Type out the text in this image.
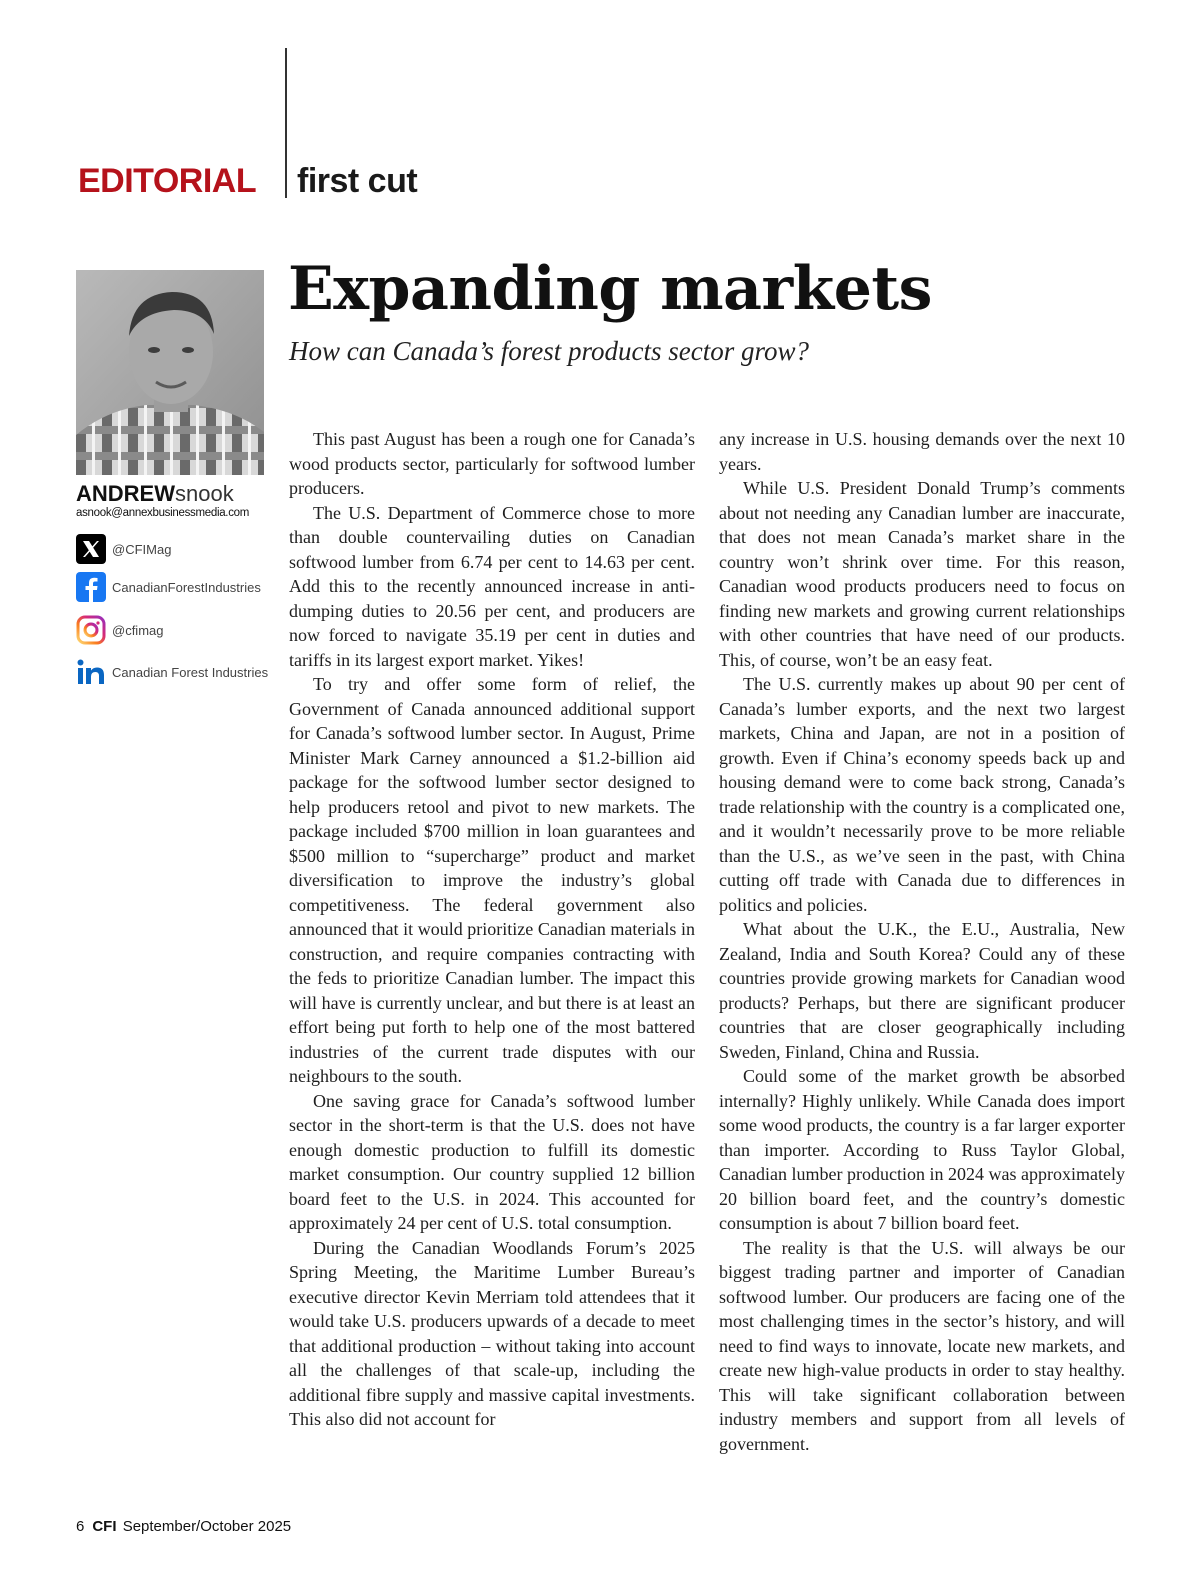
EDITORIAL first cut
ANDREWsnook
asnook@annexbusinessmedia.com
@CFIMag
CanadianForestIndustries
@cfimag
Canadian Forest Industries
Expanding markets
How can Canada’s forest products sector grow?

This past August has been a rough one for Canada’s wood products sector, particularly for softwood lumber producers.

The U.S. Department of Commerce chose to more than double countervailing duties on Canadian softwood lumber from 6.74 per cent to 14.63 per cent. Add this to the recently announced increase in anti-dumping duties to 20.56 per cent, and producers are now forced to navigate 35.19 per cent in duties and tariffs in its largest export market. Yikes!

To try and offer some form of relief, the Government of Canada announced additional support for Canada’s softwood lumber sector. In August, Prime Minister Mark Carney announced a $1.2-billion aid package for the softwood lumber sector designed to help producers retool and pivot to new markets. The package included $700 million in loan guarantees and $500 million to “supercharge” product and market diversification to improve the industry’s global competitiveness. The federal government also announced that it would prioritize Canadian materials in construction, and require companies contracting with the feds to prioritize Canadian lumber. The impact this will have is currently unclear, and but there is at least an effort being put forth to help one of the most battered industries of the current trade disputes with our neighbours to the south.

One saving grace for Canada’s softwood lumber sector in the short-term is that the U.S. does not have enough domestic production to fulfill its domestic market consumption. Our country supplied 12 billion board feet to the U.S. in 2024. This accounted for approximately 24 per cent of U.S. total consumption.

During the Canadian Woodlands Forum’s 2025 Spring Meeting, the Maritime Lumber Bureau’s executive director Kevin Merriam told attendees that it would take U.S. producers upwards of a decade to meet that additional production – without taking into account all the challenges of that scale-up, including the additional fibre supply and massive capital investments. This also did not account for

any increase in U.S. housing demands over the next 10 years.

While U.S. President Donald Trump’s comments about not needing any Canadian lumber are inaccurate, that does not mean Canada’s market share in the country won’t shrink over time. For this reason, Canadian wood products producers need to focus on finding new markets and growing current relationships with other countries that have need of our products. This, of course, won’t be an easy feat.

The U.S. currently makes up about 90 per cent of Canada’s lumber exports, and the next two largest markets, China and Japan, are not in a position of growth. Even if China’s economy speeds back up and housing demand were to come back strong, Canada’s trade relationship with the country is a complicated one, and it wouldn’t necessarily prove to be more reliable than the U.S., as we’ve seen in the past, with China cutting off trade with Canada due to differences in politics and policies.

What about the U.K., the E.U., Australia, New Zealand, India and South Korea? Could any of these countries provide growing markets for Canadian wood products? Perhaps, but there are significant producer countries that are closer geographically including Sweden, Finland, China and Russia.

Could some of the market growth be absorbed internally? Highly unlikely. While Canada does import some wood products, the country is a far larger exporter than importer. According to Russ Taylor Global, Canadian lumber production in 2024 was approximately 20 billion board feet, and the country’s domestic consumption is about 7 billion board feet.

The reality is that the U.S. will always be our biggest trading partner and importer of Canadian softwood lumber. Our producers are facing one of the most challenging times in the sector’s history, and will need to find ways to innovate, locate new markets, and create new high-value products in order to stay healthy. This will take significant collaboration between industry members and support from all levels of government.

6 CFI September/October 2025
